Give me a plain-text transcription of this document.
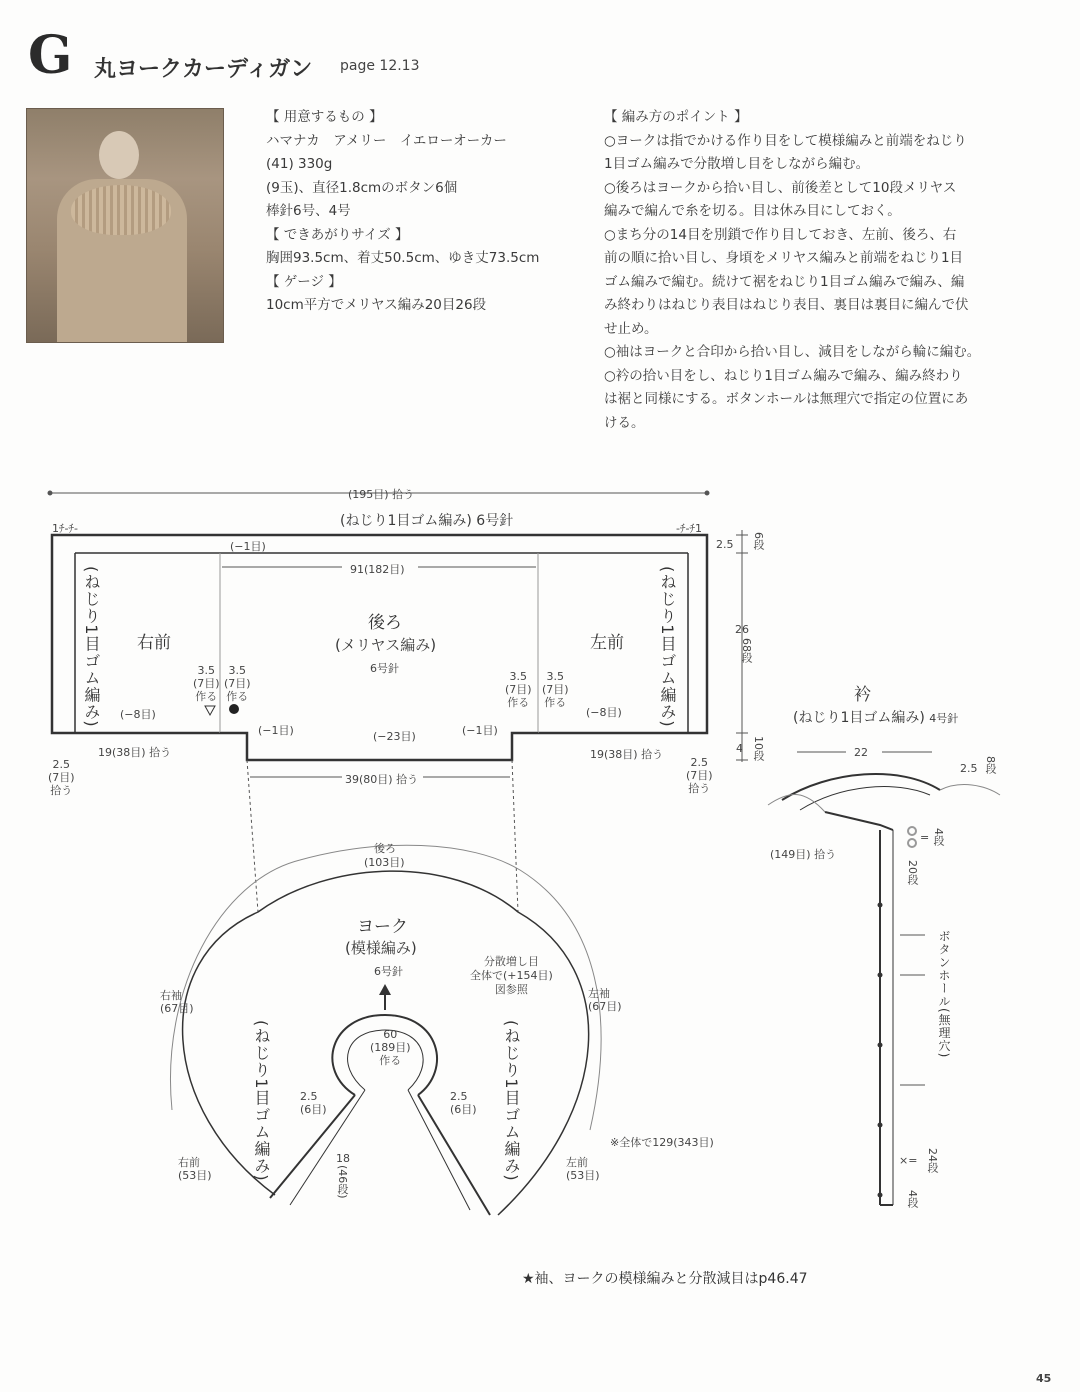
G 丸ヨークカーディガン page 12.13
【 用意するもの 】
ハマナカ　アメリー　イエローオーカー
(41) 330g
(9玉)、直径1.8cmのボタン6個
棒針6号、4号
【 できあがりサイズ 】
胸囲93.5cm、着丈50.5cm、ゆき丈73.5cm
【 ゲージ 】
10cm平方でメリヤス編み20目26段
【 編み方のポイント 】
○ヨークは指でかける作り目をして模様編みと前端をねじり
1目ゴム編みで分散増し目をしながら編む。
○後ろはヨークから拾い目し、前後差として10段メリヤス
編みで編んで糸を切る。目は休み目にしておく。
○まち分の14目を別鎖で作り目しておき、左前、後ろ、右
前の順に拾い目し、身頃をメリヤス編みと前端をねじり1目
ゴム編みで編む。続けて裾をねじり1目ゴム編みで編み、編
み終わりはねじり表目はねじり表目、裏目は裏目に編んで伏
せ止め。
○袖はヨークと合印から拾い目し、減目をしながら輪に編む。
○衿の拾い目をし、ねじり1目ゴム編みで編み、編み終わり
は裾と同様にする。ボタンホールは無理穴で指定の位置にあ
ける。
(195目) 拾う
(ねじり1目ゴム編み) 6号針
1ﾁ-ﾁ-	-ﾁ-ﾁ1
(−1目)
91(182目)
後ろ
(メリヤス編み)
6号針
右前	左前
(ねじり1目ゴム編み)	(ねじり1目ゴム編み)
2.5 6段
26
68段
4 10段
3.5
(7目)
作る
3.5
(7目)
作る
3.5
(7目)
作る
3.5
(7目)
作る
(−8目)	(−8目)
(−1目)	(−1目)
(−23目)
19(38目) 拾う	19(38目) 拾う
39(80目) 拾う
2.5
(7目)
拾う
2.5
(7目)
拾う
後ろ
(103目)
ヨーク
(模様編み)
6号針
分散増し目
全体で(+154目)
図参照
右袖
(67目)
左袖
(67目)
右前
(53目)
左前
(53目)
60
(189目)
作る
2.5
(6目)
2.5
(6目)
18
(46段)
(ねじり1目ゴム編み)	(ねじり1目ゴム編み)	※全体で129(343目)
衿
(ねじり1目ゴム編み) 4号針
22
2.5 8段
(149目) 拾う
= 4段
20段
ボタンホール(無理穴)
×= 24段
4段
★袖、ヨークの模様編みと分散減目はp46.47
45
